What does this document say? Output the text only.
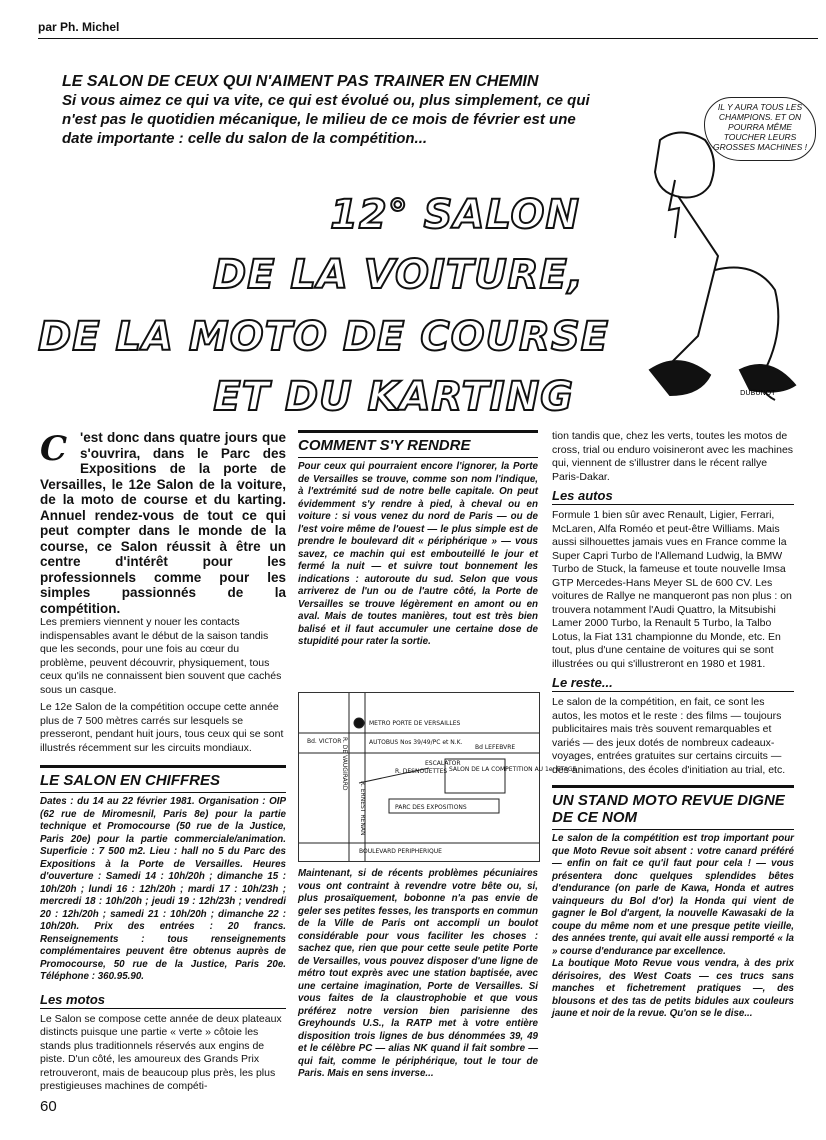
par Ph. Michel
LE SALON DE CEUX QUI N'AIMENT PAS TRAINER EN CHEMIN
Si vous aimez ce qui va vite, ce qui est évolué ou, plus simplement, ce qui n'est pas le quotidien mécanique, le milieu de ce mois de février est une date importante : celle du salon de la compétition...
DUBUNOT
IL Y AURA TOUS LES CHAMPIONS. ET ON POURRA MÊME TOUCHER LEURS GROSSES MACHINES !
12° SALON
DE LA VOITURE,
DE LA MOTO DE COURSE
ET DU KARTING
C 'est donc dans quatre jours que s'ouvrira, dans le Parc des Expositions de la porte de Versailles, le 12e Salon de la voiture, de la moto de course et du karting. Annuel rendez-vous de tout ce qui peut compter dans le monde de la course, ce Salon réussit à être un centre d'intérêt pour les professionnels comme pour les simples passionnés de la compétition.

Les premiers viennent y nouer les contacts indispensables avant le début de la saison tandis que les seconds, pour une fois au cœur du problème, peuvent découvrir, physiquement, tous ceux qu'ils ne connaissent bien souvent que cachés sous un casque.

Le 12e Salon de la compétition occupe cette année plus de 7 500 mètres carrés sur lesquels se presseront, pendant huit jours, tous ceux qui se sont illustrés récemment sur les circuits mondiaux.

LE SALON EN CHIFFRES
Dates : du 14 au 22 février 1981. Organisation : OIP (62 rue de Miromesnil, Paris 8e) pour la partie technique et Promocourse (50 rue de la Justice, Paris 20e) pour la partie commerciale/animation. Superficie : 7 500 m2. Lieu : hall no 5 du Parc des Expositions à la Porte de Versailles. Heures d'ouverture : Samedi 14 : 10h/20h ; dimanche 15 : 10h/20h ; lundi 16 : 12h/20h ; mardi 17 : 10h/23h ; mercredi 18 : 10h/20h ; jeudi 19 : 12h/23h ; vendredi 20 : 12h/20h ; samedi 21 : 10h/20h ; dimanche 22 : 10h/20h. Prix des entrées : 20 francs. Renseignements : tous renseignements complémentaires peuvent être obtenus auprès de Promocourse, 50 rue de la Justice, Paris 20e. Téléphone : 360.95.90.
Les motos

Le Salon se compose cette année de deux plateaux distincts puisque une partie « verte » côtoie les stands plus traditionnels réservés aux engins de piste. D'un côté, les amoureux des Grands Prix retrouveront, mais de beaucoup plus près, les plus prestigieuses machines de compéti-

COMMENT S'Y RENDRE
Pour ceux qui pourraient encore l'ignorer, la Porte de Versailles se trouve, comme son nom l'indique, à l'extrémité sud de notre belle capitale. On peut évidemment s'y rendre à pied, à cheval ou en voiture : si vous venez du nord de Paris — ou de l'est voire même de l'ouest — le plus simple est de prendre le boulevard dit « périphérique » — vous savez, ce machin qui est embouteillé le jour et fermé la nuit — et suivre tout bonnement les indications : autoroute du sud. Selon que vous arriverez de l'un ou de l'autre côté, la Porte de Versailles se trouve légèrement en amont ou en aval. Mais de toutes manières, tout est très bien balisé et il faut accumuler une certaine dose de stupidité pour rater la sortie.
METRO PORTE DE VERSAILLES
AUTOBUS Nos 39/49/PC et N.K.
Bd. VICTOR
Bd LEFEBVRE
R. DESNOUETTES
ESCALATOR
SALON DE LA COMPETITION AU 1er ETAGE
PARC DES EXPOSITIONS
BOULEVARD PERIPHERIQUE
R. DE VAUGIRARD
R. ERNEST RENAN
Maintenant, si de récents problèmes pécuniaires vous ont contraint à revendre votre bête ou, si, plus prosaïquement, bobonne n'a pas envie de geler ses petites fesses, les transports en commun de la Ville de Paris ont accompli un boulot considérable pour vous faciliter les choses : sachez que, rien que pour cette seule petite Porte de Versailles, vous pouvez disposer d'une ligne de métro tout exprès avec une station baptisée, avec une certaine imagination, Porte de Versailles. Si vous faites de la claustrophobie et que vous préférez notre version bien parisienne des Greyhounds U.S., la RATP met à votre entière disposition trois lignes de bus dénommées 39, 49 et le célèbre PC — alias NK quand il fait sombre — qui fait, comme le périphérique, tout le tour de Paris. Mais en sens inverse...

tion tandis que, chez les verts, toutes les motos de cross, trial ou enduro voisineront avec les machines qui, viennent de s'illustrer dans le récent rallye Paris-Dakar.

Les autos

Formule 1 bien sûr avec Renault, Ligier, Ferrari, McLaren, Alfa Roméo et peut-être Williams. Mais aussi silhouettes jamais vues en France comme la Super Capri Turbo de l'Allemand Ludwig, la BMW Turbo de Stuck, la fameuse et toute nouvelle Imsa GTP Mercedes-Hans Meyer SL de 600 CV. Les voitures de Rallye ne manqueront pas non plus : on trouvera notamment l'Audi Quattro, la Mitsubishi Lamer 2000 Turbo, la Renault 5 Turbo, la Talbo Lotus, la Fiat 131 championne du Monde, etc. En tout, plus d'une centaine de voitures qui se sont illustrées ou qui s'illustreront en 1980 et 1981.

Le reste...

Le salon de la compétition, en fait, ce sont les autos, les motos et le reste : des films — toujours publicitaires mais très souvent remarquables et variés — des jeux dotés de nombreux cadeaux-voyages, entrées gratuites sur certains circuits — des animations, des écoles d'initiation au trial, etc.

UN STAND MOTO REVUE DIGNE DE CE NOM
Le salon de la compétition est trop important pour que Moto Revue soit absent : votre canard préféré — enfin on fait ce qu'il faut pour cela ! — vous présentera donc quelques splendides bêtes d'endurance (on parle de Kawa, Honda et autres vainqueurs du Bol d'or) la Honda qui vient de gagner le Bol d'argent, la nouvelle Kawasaki de la coupe du même nom et une presque petite vieille, des années trente, qui avait elle aussi remporté « la » course d'endurance par excellence.
La boutique Moto Revue vous vendra, à des prix dérisoires, des West Coats — ces trucs sans manches et fichetrement pratiques —, des blousons et des tas de petits bidules aux couleurs jaune et noir de la revue. Qu'on se le dise...
60
